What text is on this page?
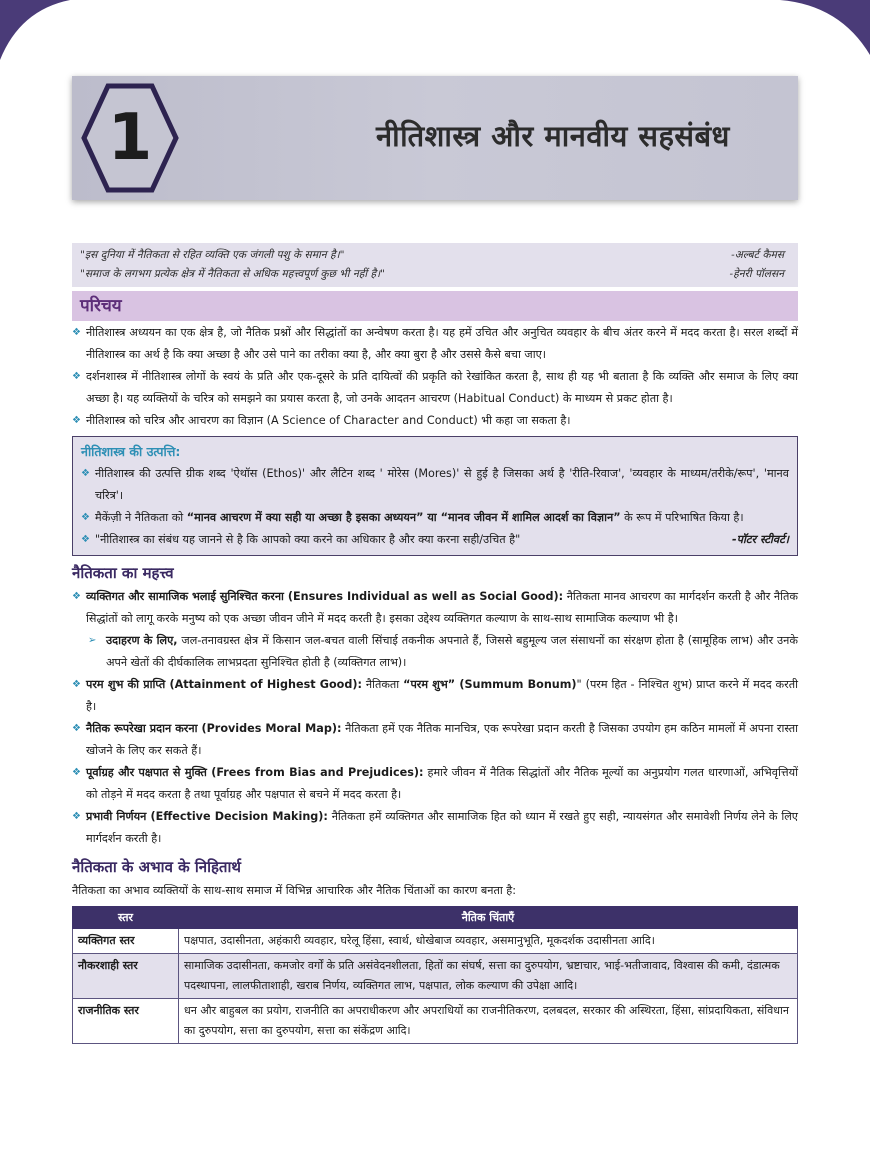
1	नीतिशास्त्र और मानवीय सहसंबंध
"इस दुनिया में नैतिकता से रहित व्यक्ति एक जंगली पशु के समान है।"	-अल्बर्ट कैमस
"समाज के लगभग प्रत्येक क्षेत्र में नैतिकता से अधिक महत्त्वपूर्ण कुछ भी नहीं है।"	-हेनरी पॉलसन
परिचय
❖ नीतिशास्त्र अध्ययन का एक क्षेत्र है, जो नैतिक प्रश्नों और सिद्धांतों का अन्वेषण करता है। यह हमें उचित और अनुचित व्यवहार के बीच अंतर करने में मदद करता है। सरल शब्दों में नीतिशास्त्र का अर्थ है कि क्या अच्छा है और उसे पाने का तरीका क्या है, और क्या बुरा है और उससे कैसे बचा जाए।
❖ दर्शनशास्त्र में नीतिशास्त्र लोगों के स्वयं के प्रति और एक-दूसरे के प्रति दायित्वों की प्रकृति को रेखांकित करता है, साथ ही यह भी बताता है कि व्यक्ति और समाज के लिए क्या अच्छा है। यह व्यक्तियों के चरित्र को समझने का प्रयास करता है, जो उनके आदतन आचरण (Habitual Conduct) के माध्यम से प्रकट होता है।
❖ नीतिशास्त्र को चरित्र और आचरण का विज्ञान (A Science of Character and Conduct) भी कहा जा सकता है।
नीतिशास्त्र की उत्पत्ति:
❖ नीतिशास्त्र की उत्पत्ति ग्रीक शब्द 'ऐथॉस (Ethos)' और लैटिन शब्द ' मोरेस (Mores)' से हुई है जिसका अर्थ है 'रीति-रिवाज', 'व्यवहार के माध्यम/तरीके/रूप', 'मानव चरित्र'।
❖ मैकेंज़ी ने नैतिकता को “मानव आचरण में क्या सही या अच्छा है इसका अध्ययन” या “मानव जीवन में शामिल आदर्श का विज्ञान” के रूप में परिभाषित किया है।
❖ "नीतिशास्त्र का संबंध यह जानने से है कि आपको क्या करने का अधिकार है और क्या करना सही/उचित है"	-पॉटर स्टीवर्ट।
नैतिकता का महत्त्व
❖ व्यक्तिगत और सामाजिक भलाई सुनिश्चित करना (Ensures Individual as well as Social Good): नैतिकता मानव आचरण का मार्गदर्शन करती है और नैतिक सिद्धांतों को लागू करके मनुष्य को एक अच्छा जीवन जीने में मदद करती है। इसका उद्देश्य व्यक्तिगत कल्याण के साथ-साथ सामाजिक कल्याण भी है।
➢ उदाहरण के लिए, जल-तनावग्रस्त क्षेत्र में किसान जल-बचत वाली सिंचाई तकनीक अपनाते हैं, जिससे बहुमूल्य जल संसाधनों का संरक्षण होता है (सामूहिक लाभ) और उनके अपने खेतों की दीर्घकालिक लाभप्रदता सुनिश्चित होती है (व्यक्तिगत लाभ)।
❖ परम शुभ की प्राप्ति (Attainment of Highest Good): नैतिकता “परम शुभ” (Summum Bonum)" (परम हित - निश्चित शुभ) प्राप्त करने में मदद करती है।
❖ नैतिक रूपरेखा प्रदान करना (Provides Moral Map): नैतिकता हमें एक नैतिक मानचित्र, एक रूपरेखा प्रदान करती है जिसका उपयोग हम कठिन मामलों में अपना रास्ता खोजने के लिए कर सकते हैं।
❖ पूर्वाग्रह और पक्षपात से मुक्ति (Frees from Bias and Prejudices): हमारे जीवन में नैतिक सिद्धांतों और नैतिक मूल्यों का अनुप्रयोग गलत धारणाओं, अभिवृत्तियों को तोड़ने में मदद करता है तथा पूर्वाग्रह और पक्षपात से बचने में मदद करता है।
❖ प्रभावी निर्णयन (Effective Decision Making): नैतिकता हमें व्यक्तिगत और सामाजिक हित को ध्यान में रखते हुए सही, न्यायसंगत और समावेशी निर्णय लेने के लिए मार्गदर्शन करती है।
नैतिकता के अभाव के निहितार्थ
नैतिकता का अभाव व्यक्तियों के साथ-साथ समाज में विभिन्न आचारिक और नैतिक चिंताओं का कारण बनता है:
स्तर	नैतिक चिंताएँ
व्यक्तिगत स्तर	पक्षपात, उदासीनता, अहंकारी व्यवहार, घरेलू हिंसा, स्वार्थ, धोखेबाज व्यवहार, असमानुभूति, मूकदर्शक उदासीनता आदि।
नौकरशाही स्तर	सामाजिक उदासीनता, कमजोर वर्गों के प्रति असंवेदनशीलता, हितों का संघर्ष, सत्ता का दुरुपयोग, भ्रष्टाचार, भाई-भतीजावाद, विश्वास की कमी, दंडात्मक पदस्थापना, लालफीताशाही, खराब निर्णय, व्यक्तिगत लाभ, पक्षपात, लोक कल्याण की उपेक्षा आदि।
राजनीतिक स्तर	धन और बाहुबल का प्रयोग, राजनीति का अपराधीकरण और अपराधियों का राजनीतिकरण, दलबदल, सरकार की अस्थिरता, हिंसा, सांप्रदायिकता, संविधान का दुरुपयोग, सत्ता का दुरुपयोग, सत्ता का संकेंद्रण आदि।
